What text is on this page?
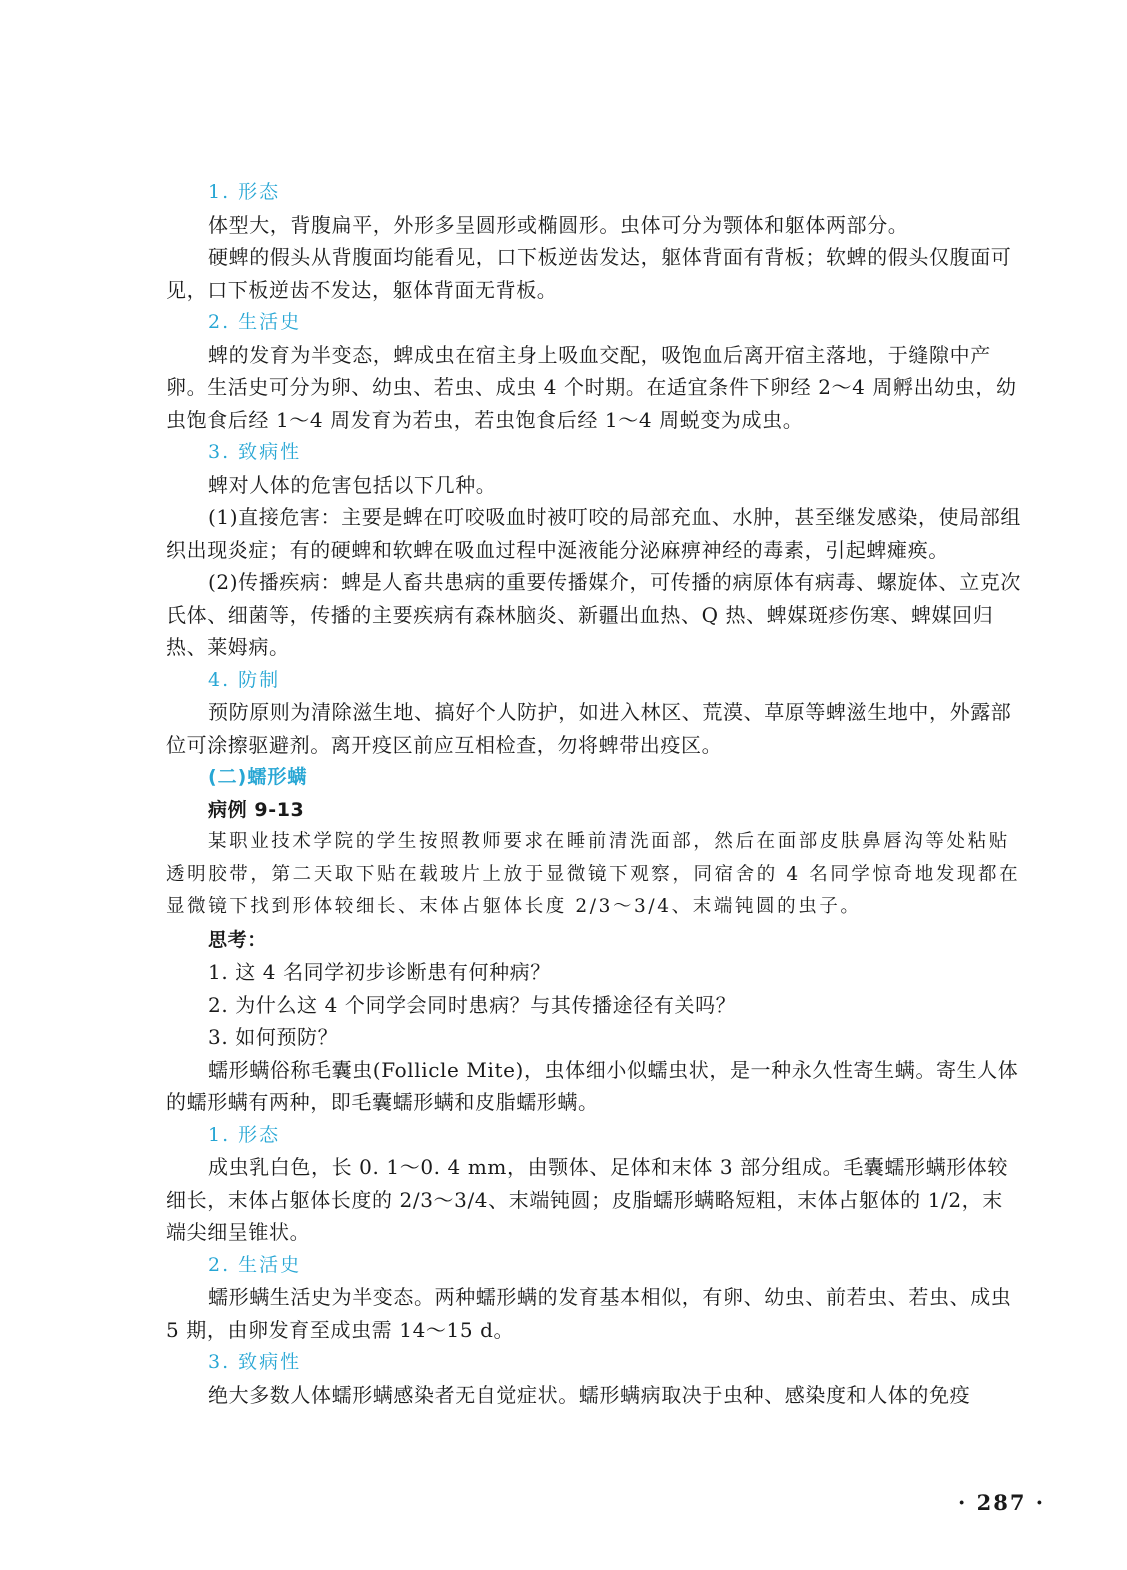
1. 形态

体型大，背腹扁平，外形多呈圆形或椭圆形。虫体可分为颚体和躯体两部分。

硬蜱的假头从背腹面均能看见，口下板逆齿发达，躯体背面有背板；软蜱的假头仅腹面可见，口下板逆齿不发达，躯体背面无背板。

2. 生活史

蜱的发育为半变态，蜱成虫在宿主身上吸血交配，吸饱血后离开宿主落地，于缝隙中产卵。生活史可分为卵、幼虫、若虫、成虫 4 个时期。在适宜条件下卵经 2～4 周孵出幼虫，幼虫饱食后经 1～4 周发育为若虫，若虫饱食后经 1～4 周蜕变为成虫。

3. 致病性

蜱对人体的危害包括以下几种。

(1)直接危害：主要是蜱在叮咬吸血时被叮咬的局部充血、水肿，甚至继发感染，使局部组织出现炎症；有的硬蜱和软蜱在吸血过程中涎液能分泌麻痹神经的毒素，引起蜱瘫痪。

(2)传播疾病：蜱是人畜共患病的重要传播媒介，可传播的病原体有病毒、螺旋体、立克次氏体、细菌等，传播的主要疾病有森林脑炎、新疆出血热、Q 热、蜱媒斑疹伤寒、蜱媒回归热、莱姆病。

4. 防制

预防原则为清除滋生地、搞好个人防护，如进入林区、荒漠、草原等蜱滋生地中，外露部位可涂擦驱避剂。离开疫区前应互相检查，勿将蜱带出疫区。

(二)蠕形螨

病例 9-13

某职业技术学院的学生按照教师要求在睡前清洗面部，然后在面部皮肤鼻唇沟等处粘贴透明胶带，第二天取下贴在载玻片上放于显微镜下观察，同宿舍的 4 名同学惊奇地发现都在显微镜下找到形体较细长、末体占躯体长度 2/3～3/4、末端钝圆的虫子。

思考：

1. 这 4 名同学初步诊断患有何种病？

2. 为什么这 4 个同学会同时患病？与其传播途径有关吗？

3. 如何预防？

蠕形螨俗称毛囊虫(Follicle Mite)，虫体细小似蠕虫状，是一种永久性寄生螨。寄生人体的蠕形螨有两种，即毛囊蠕形螨和皮脂蠕形螨。

1. 形态

成虫乳白色，长 0. 1～0. 4 mm，由颚体、足体和末体 3 部分组成。毛囊蠕形螨形体较细长，末体占躯体长度的 2/3～3/4、末端钝圆；皮脂蠕形螨略短粗，末体占躯体的 1/2，末端尖细呈锥状。

2. 生活史

蠕形螨生活史为半变态。两种蠕形螨的发育基本相似，有卵、幼虫、前若虫、若虫、成虫 5 期，由卵发育至成虫需 14～15 d。

3. 致病性

绝大多数人体蠕形螨感染者无自觉症状。蠕形螨病取决于虫种、感染度和人体的免疫

· 287 ·
